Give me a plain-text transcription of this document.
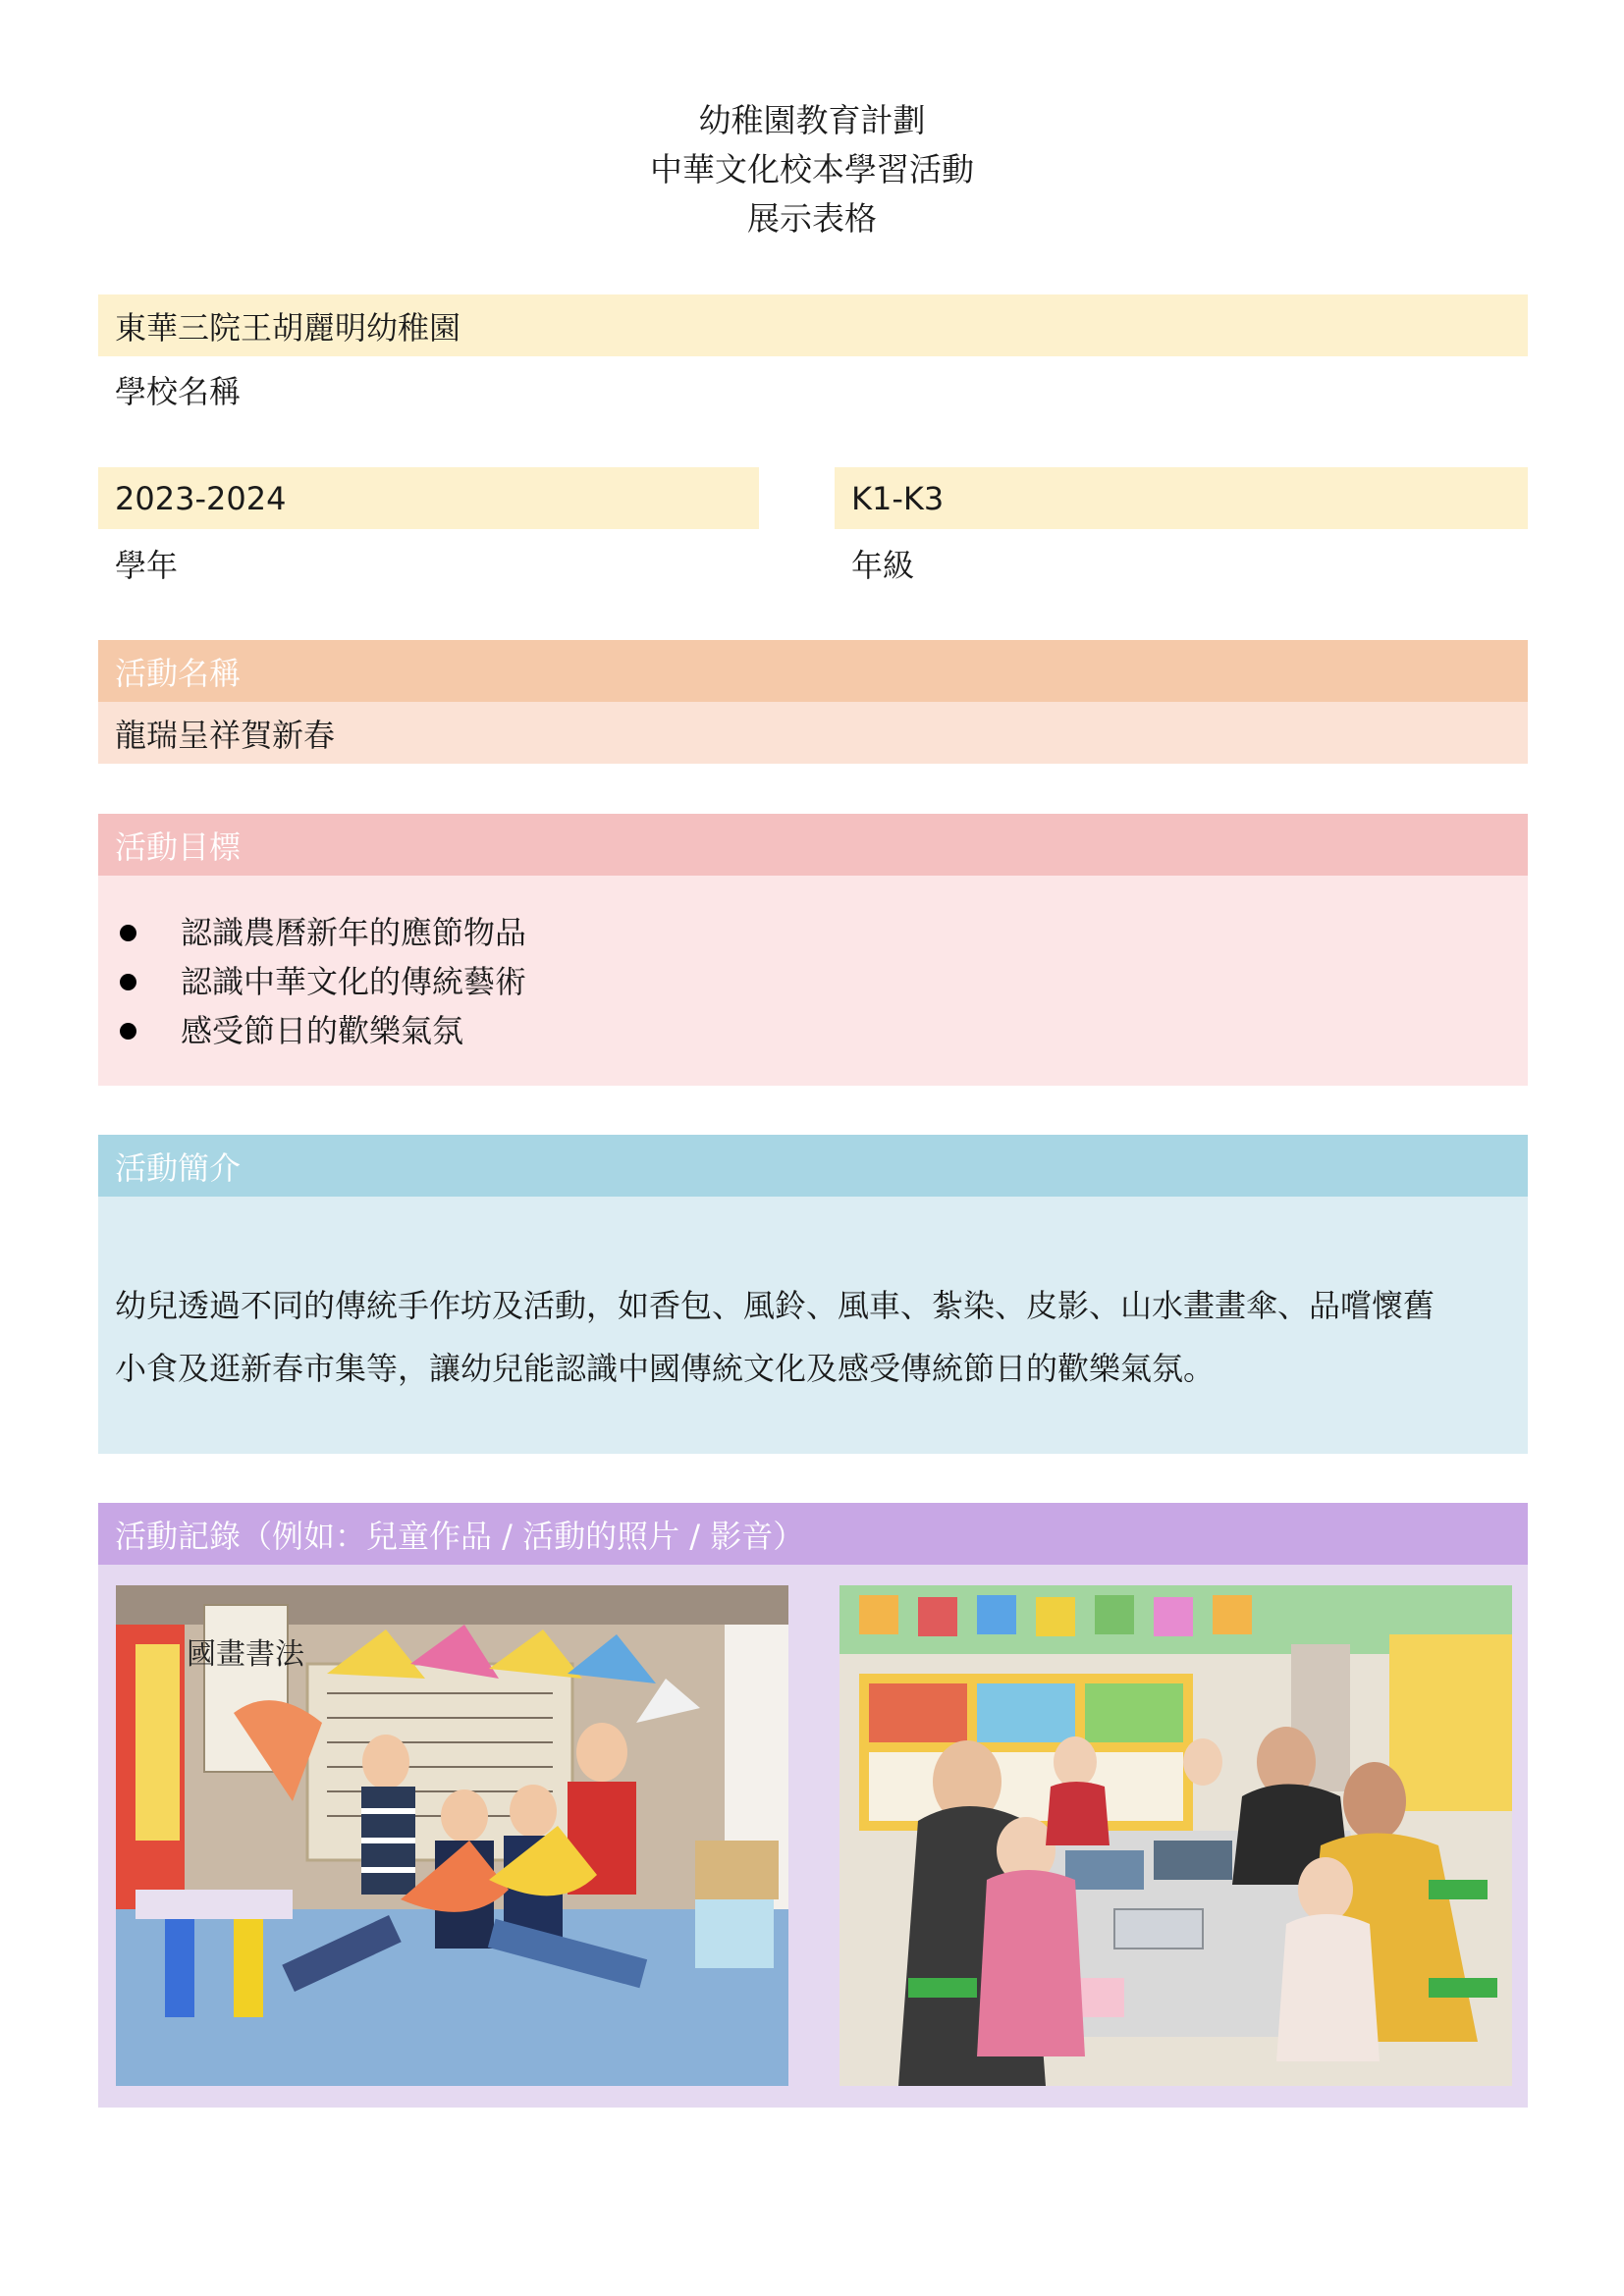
幼稚園教育計劃
中華文化校本學習活動
展示表格
東華三院王胡麗明幼稚園
學校名稱
2023-2024
學年
K1-K3
年級
活動名稱
龍瑞呈祥賀新春
活動目標
認識農曆新年的應節物品
認識中華文化的傳統藝術
感受節日的歡樂氣氛
活動簡介
幼兒透過不同的傳統手作坊及活動，如香包、風鈴、風車、紮染、皮影、山水畫畫傘、品嚐懷舊
小食及逛新春市集等，讓幼兒能認識中國傳統文化及感受傳統節日的歡樂氣氛。
活動記錄（例如：兒童作品 / 活動的照片 / 影音）
國畫書法
